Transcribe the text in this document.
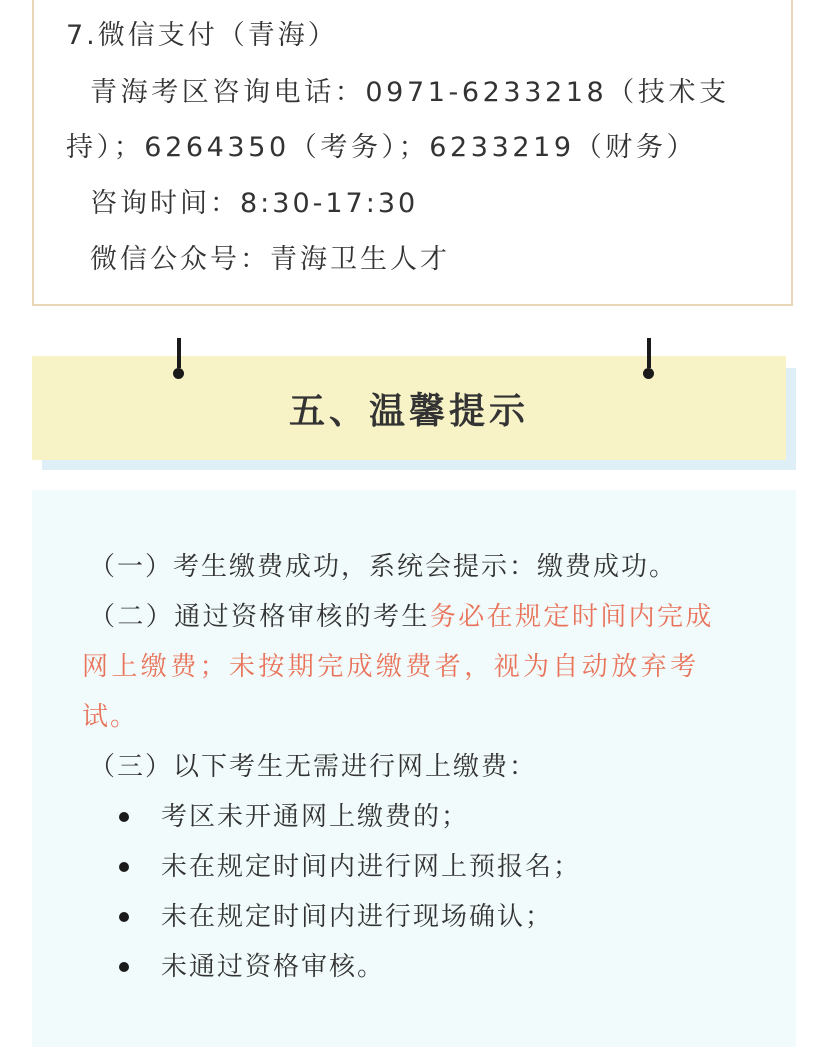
7.微信支付（青海）
青海考区咨询电话：0971-6233218（技术支
持）；6264350（考务）；6233219（财务）
咨询时间：8:30-17:30
微信公众号：青海卫生人才
五、温馨提示
（一）考生缴费成功，系统会提示：缴费成功。
（二）通过资格审核的考生务必在规定时间内完成
网上缴费；未按期完成缴费者，视为自动放弃考
试。
（三）以下考生无需进行网上缴费：
考区未开通网上缴费的；
未在规定时间内进行网上预报名；
未在规定时间内进行现场确认；
未通过资格审核。
